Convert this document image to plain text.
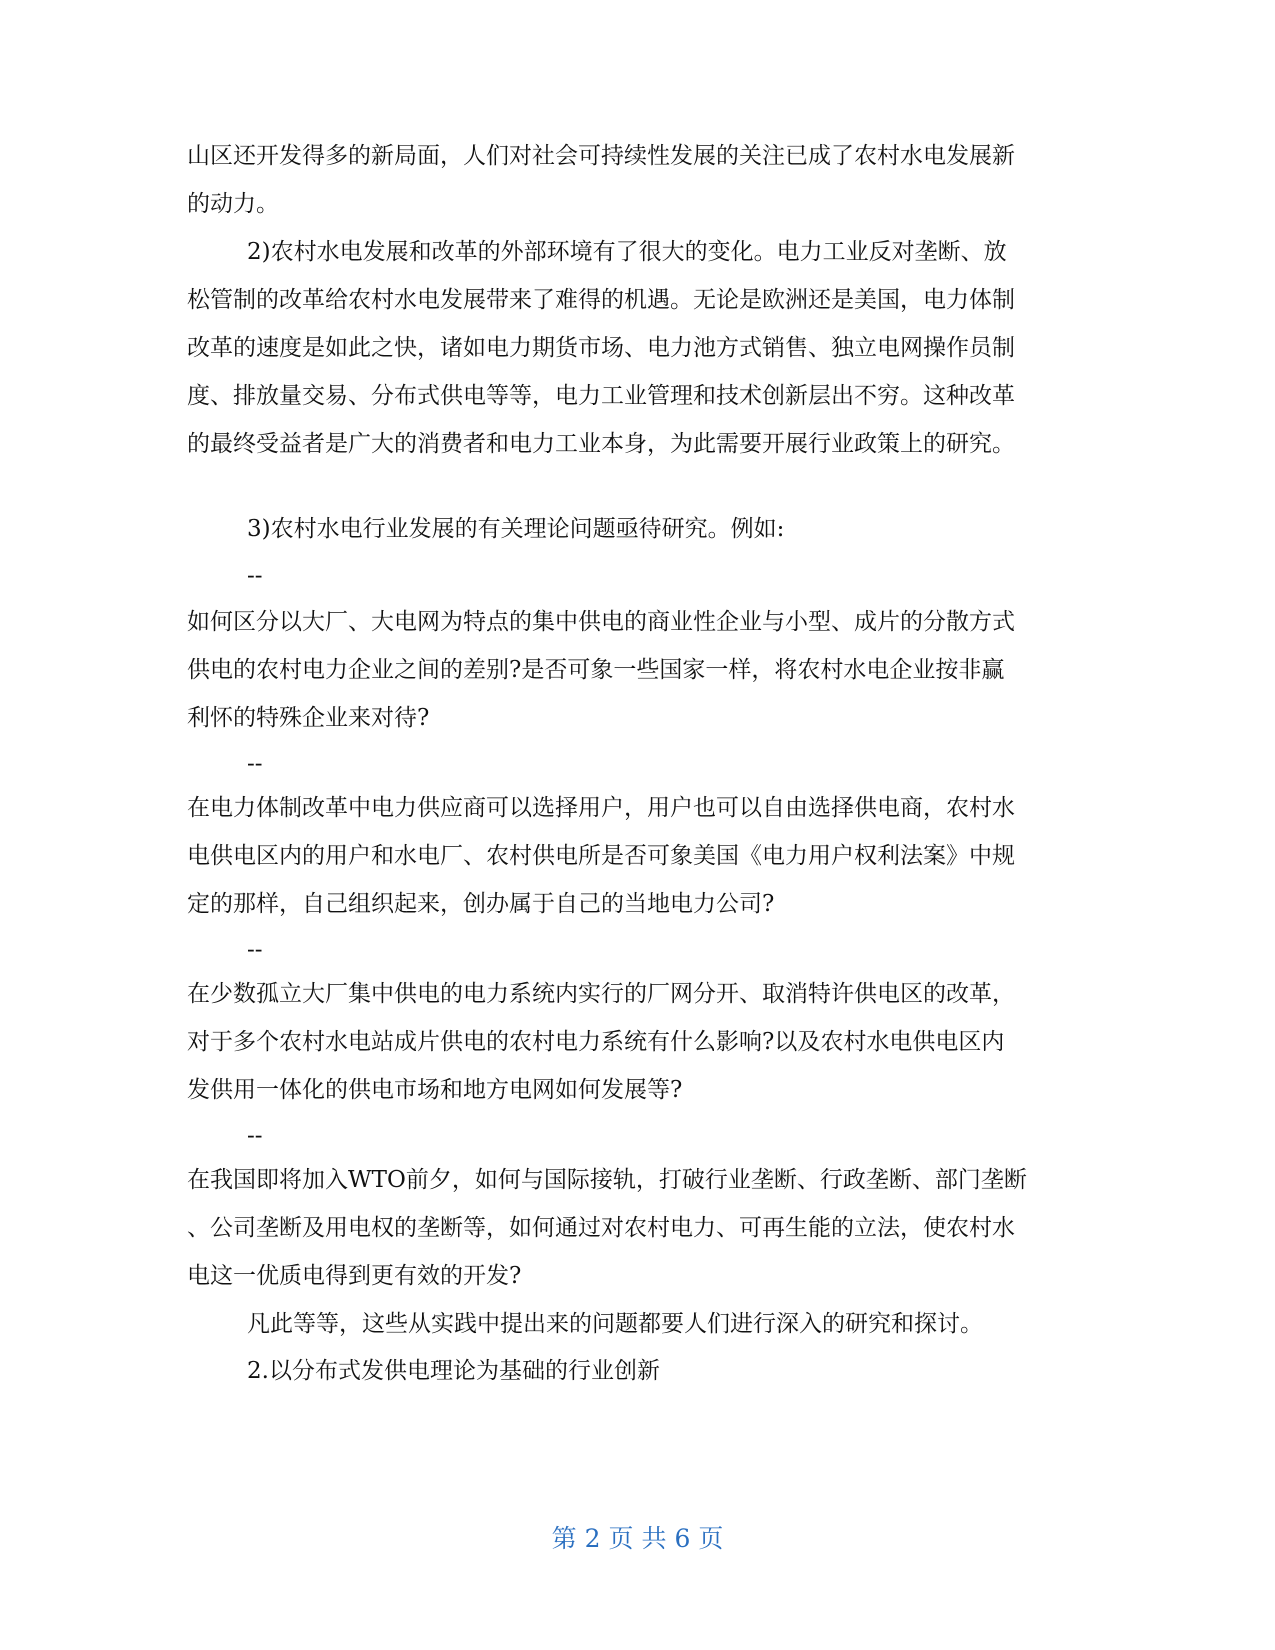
山区还开发得多的新局面，人们对社会可持续性发展的关注已成了农村水电发展新
的动力。
2)农村水电发展和改革的外部环境有了很大的变化。电力工业反对垄断、放
松管制的改革给农村水电发展带来了难得的机遇。无论是欧洲还是美国，电力体制
改革的速度是如此之快，诸如电力期货市场、电力池方式销售、独立电网操作员制
度、排放量交易、分布式供电等等，电力工业管理和技术创新层出不穷。这种改革
的最终受益者是广大的消费者和电力工业本身，为此需要开展行业政策上的研究。
3)农村水电行业发展的有关理论问题亟待研究。例如:
--
如何区分以大厂、大电网为特点的集中供电的商业性企业与小型、成片的分散方式
供电的农村电力企业之间的差别?是否可象一些国家一样，将农村水电企业按非赢
利怀的特殊企业来对待?
--
在电力体制改革中电力供应商可以选择用户，用户也可以自由选择供电商，农村水
电供电区内的用户和水电厂、农村供电所是否可象美国《电力用户权利法案》中规
定的那样，自己组织起来，创办属于自己的当地电力公司?
--
在少数孤立大厂集中供电的电力系统内实行的厂网分开、取消特许供电区的改革，
对于多个农村水电站成片供电的农村电力系统有什么影响?以及农村水电供电区内
发供用一体化的供电市场和地方电网如何发展等?
--
在我国即将加入WTO前夕，如何与国际接轨，打破行业垄断、行政垄断、部门垄断
、公司垄断及用电权的垄断等，如何通过对农村电力、可再生能的立法，使农村水
电这一优质电得到更有效的开发?
凡此等等，这些从实践中提出来的问题都要人们进行深入的研究和探讨。
2.以分布式发供电理论为基础的行业创新
第 2 页 共 6 页
